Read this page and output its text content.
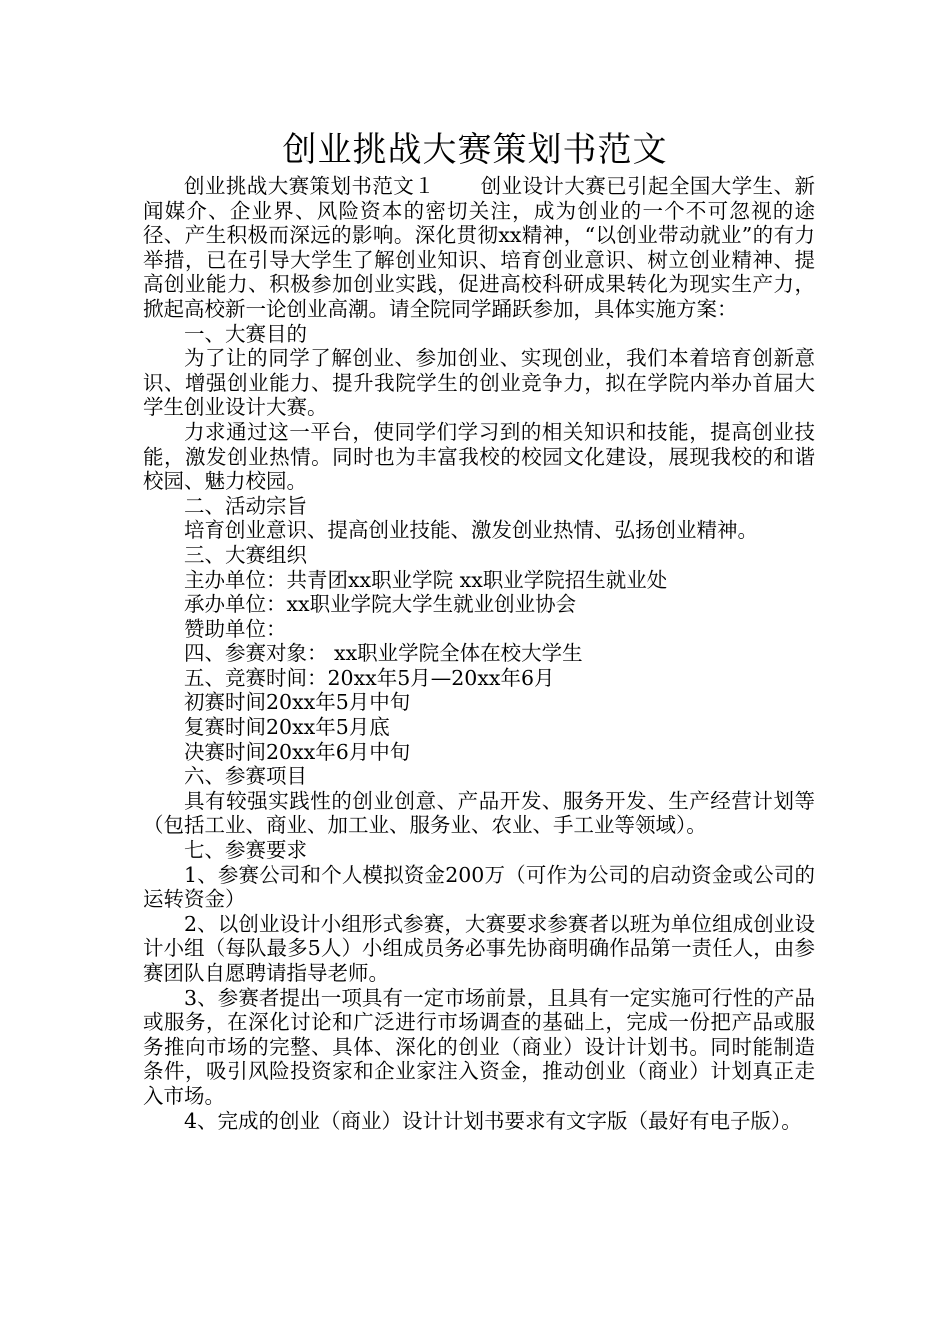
创业挑战大赛策划书范文

创业挑战大赛策划书范文１ 创业设计大赛已引起全国大学生、新闻媒介、企业界、风险资本的密切关注，成为创业的一个不可忽视的途径、产生积极而深远的影响。深化贯彻xx精神，“以创业带动就业”的有力举措，已在引导大学生了解创业知识、培育创业意识、树立创业精神、提高创业能力、积极参加创业实践，促进高校科研成果转化为现实生产力，掀起高校新一论创业高潮。请全院同学踊跃参加，具体实施方案：

一、大赛目的

为了让的同学了解创业、参加创业、实现创业，我们本着培育创新意识、增强创业能力、提升我院学生的创业竞争力，拟在学院内举办首届大学生创业设计大赛。

力求通过这一平台，使同学们学习到的相关知识和技能，提高创业技能，激发创业热情。同时也为丰富我校的校园文化建设，展现我校的和谐校园、魅力校园。

二、活动宗旨

培育创业意识、提高创业技能、激发创业热情、弘扬创业精神。

三、大赛组织

主办单位：共青团xx职业学院 xx职业学院招生就业处

承办单位：xx职业学院大学生就业创业协会

赞助单位：

四、参赛对象： xx职业学院全体在校大学生

五、竞赛时间：20xx年5月—20xx年6月

初赛时间20xx年5月中旬

复赛时间20xx年5月底

决赛时间20xx年6月中旬

六、参赛项目

具有较强实践性的创业创意、产品开发、服务开发、生产经营计划等（包括工业、商业、加工业、服务业、农业、手工业等领域）。

七、参赛要求

1、参赛公司和个人模拟资金200万（可作为公司的启动资金或公司的运转资金）

2、以创业设计小组形式参赛，大赛要求参赛者以班为单位组成创业设计小组（每队最多5人）小组成员务必事先协商明确作品第一责任人，由参赛团队自愿聘请指导老师。

3、参赛者提出一项具有一定市场前景，且具有一定实施可行性的产品或服务，在深化讨论和广泛进行市场调查的基础上，完成一份把产品或服务推向市场的完整、具体、深化的创业（商业）设计计划书。同时能制造条件，吸引风险投资家和企业家注入资金，推动创业（商业）计划真正走入市场。

4、完成的创业（商业）设计计划书要求有文字版（最好有电子版）。
